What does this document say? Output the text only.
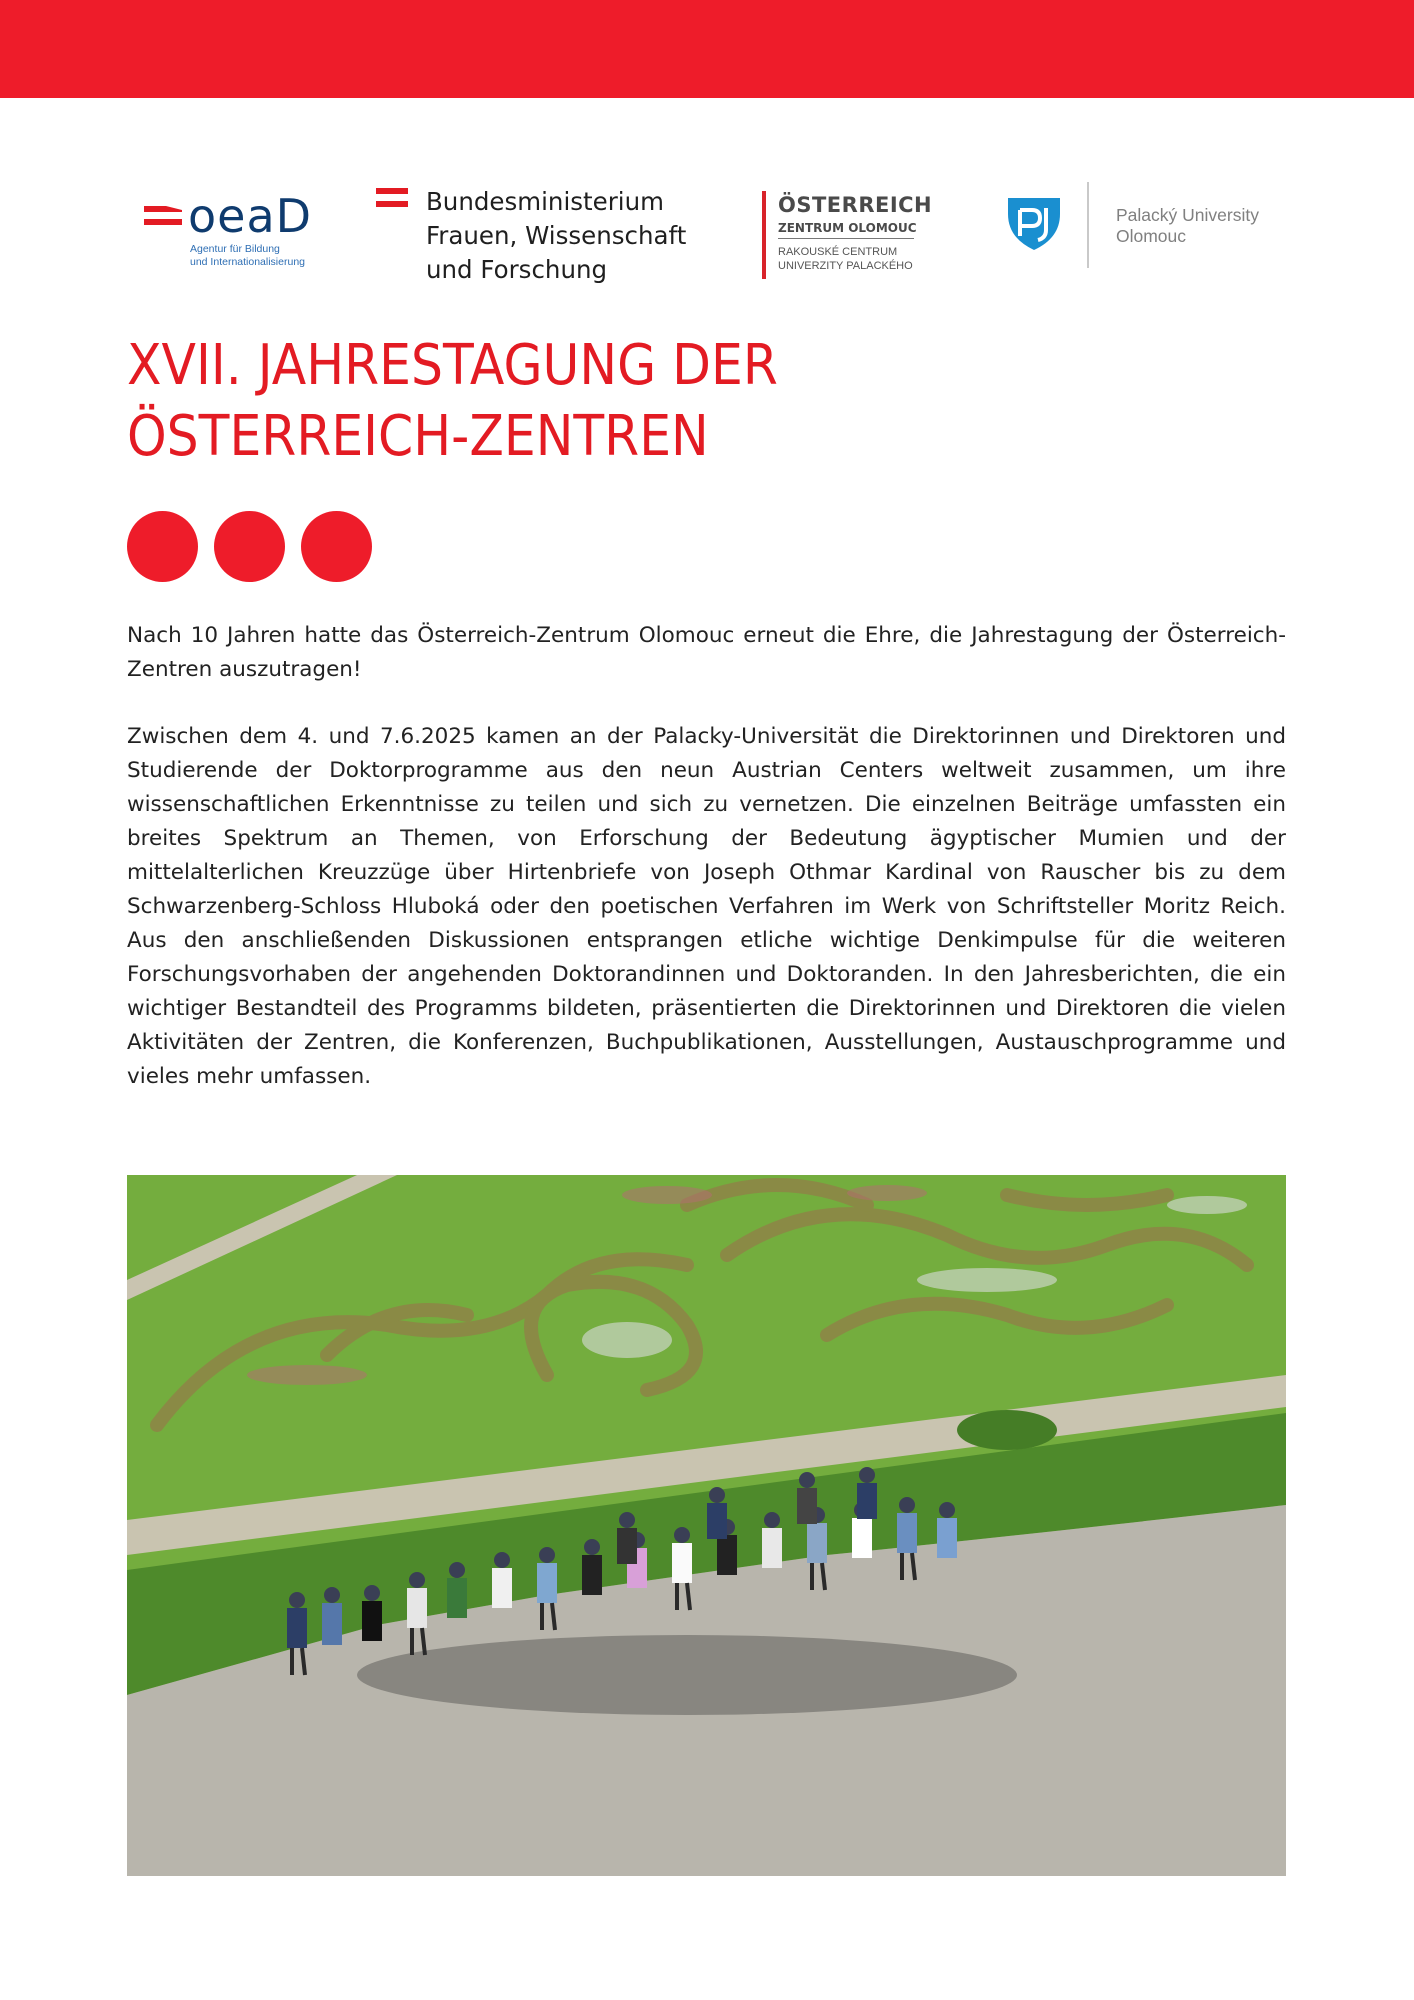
oeaD
Agentur für Bildung
und Internationalisierung
Bundesministerium
Frauen, Wissenschaft
und Forschung
ÖSTERREICH
ZENTRUM OLOMOUC
RAKOUSKÉ CENTRUM
UNIVERZITY PALACKÉHO
Palacký University
Olomouc
XVII. JAHRESTAGUNG DER
ÖSTERREICH-ZENTREN

Nach 10 Jahren hatte das Österreich-Zentrum Olomouc erneut die Ehre, die Jahrestagung der Österreich-Zentren auszutragen!

Zwischen dem 4. und 7.6.2025 kamen an der Palacky-Universität die Direktorinnen und Direktoren und Studierende der Doktorprogramme aus den neun Austrian Centers weltweit zusammen, um ihre wissenschaftlichen Erkenntnisse zu teilen und sich zu vernetzen. Die einzelnen Beiträge umfassten ein breites Spektrum an Themen, von Erforschung der Bedeutung ägyptischer Mumien und der mittelalterlichen Kreuzzüge über Hirtenbriefe von Joseph Othmar Kardinal von Rauscher bis zu dem Schwarzenberg-Schloss Hluboká oder den poetischen Verfahren im Werk von Schriftsteller Moritz Reich. Aus den anschließenden Diskussionen entsprangen etliche wichtige Denkimpulse für die weiteren Forschungsvorhaben der angehenden Doktorandinnen und Doktoranden. In den Jahresberichten, die ein wichtiger Bestandteil des Programms bildeten, präsentierten die Direktorinnen und Direktoren die vielen Aktivitäten der Zentren, die Konferenzen, Buchpublikationen, Ausstellungen, Austauschprogramme und vieles mehr umfassen.
